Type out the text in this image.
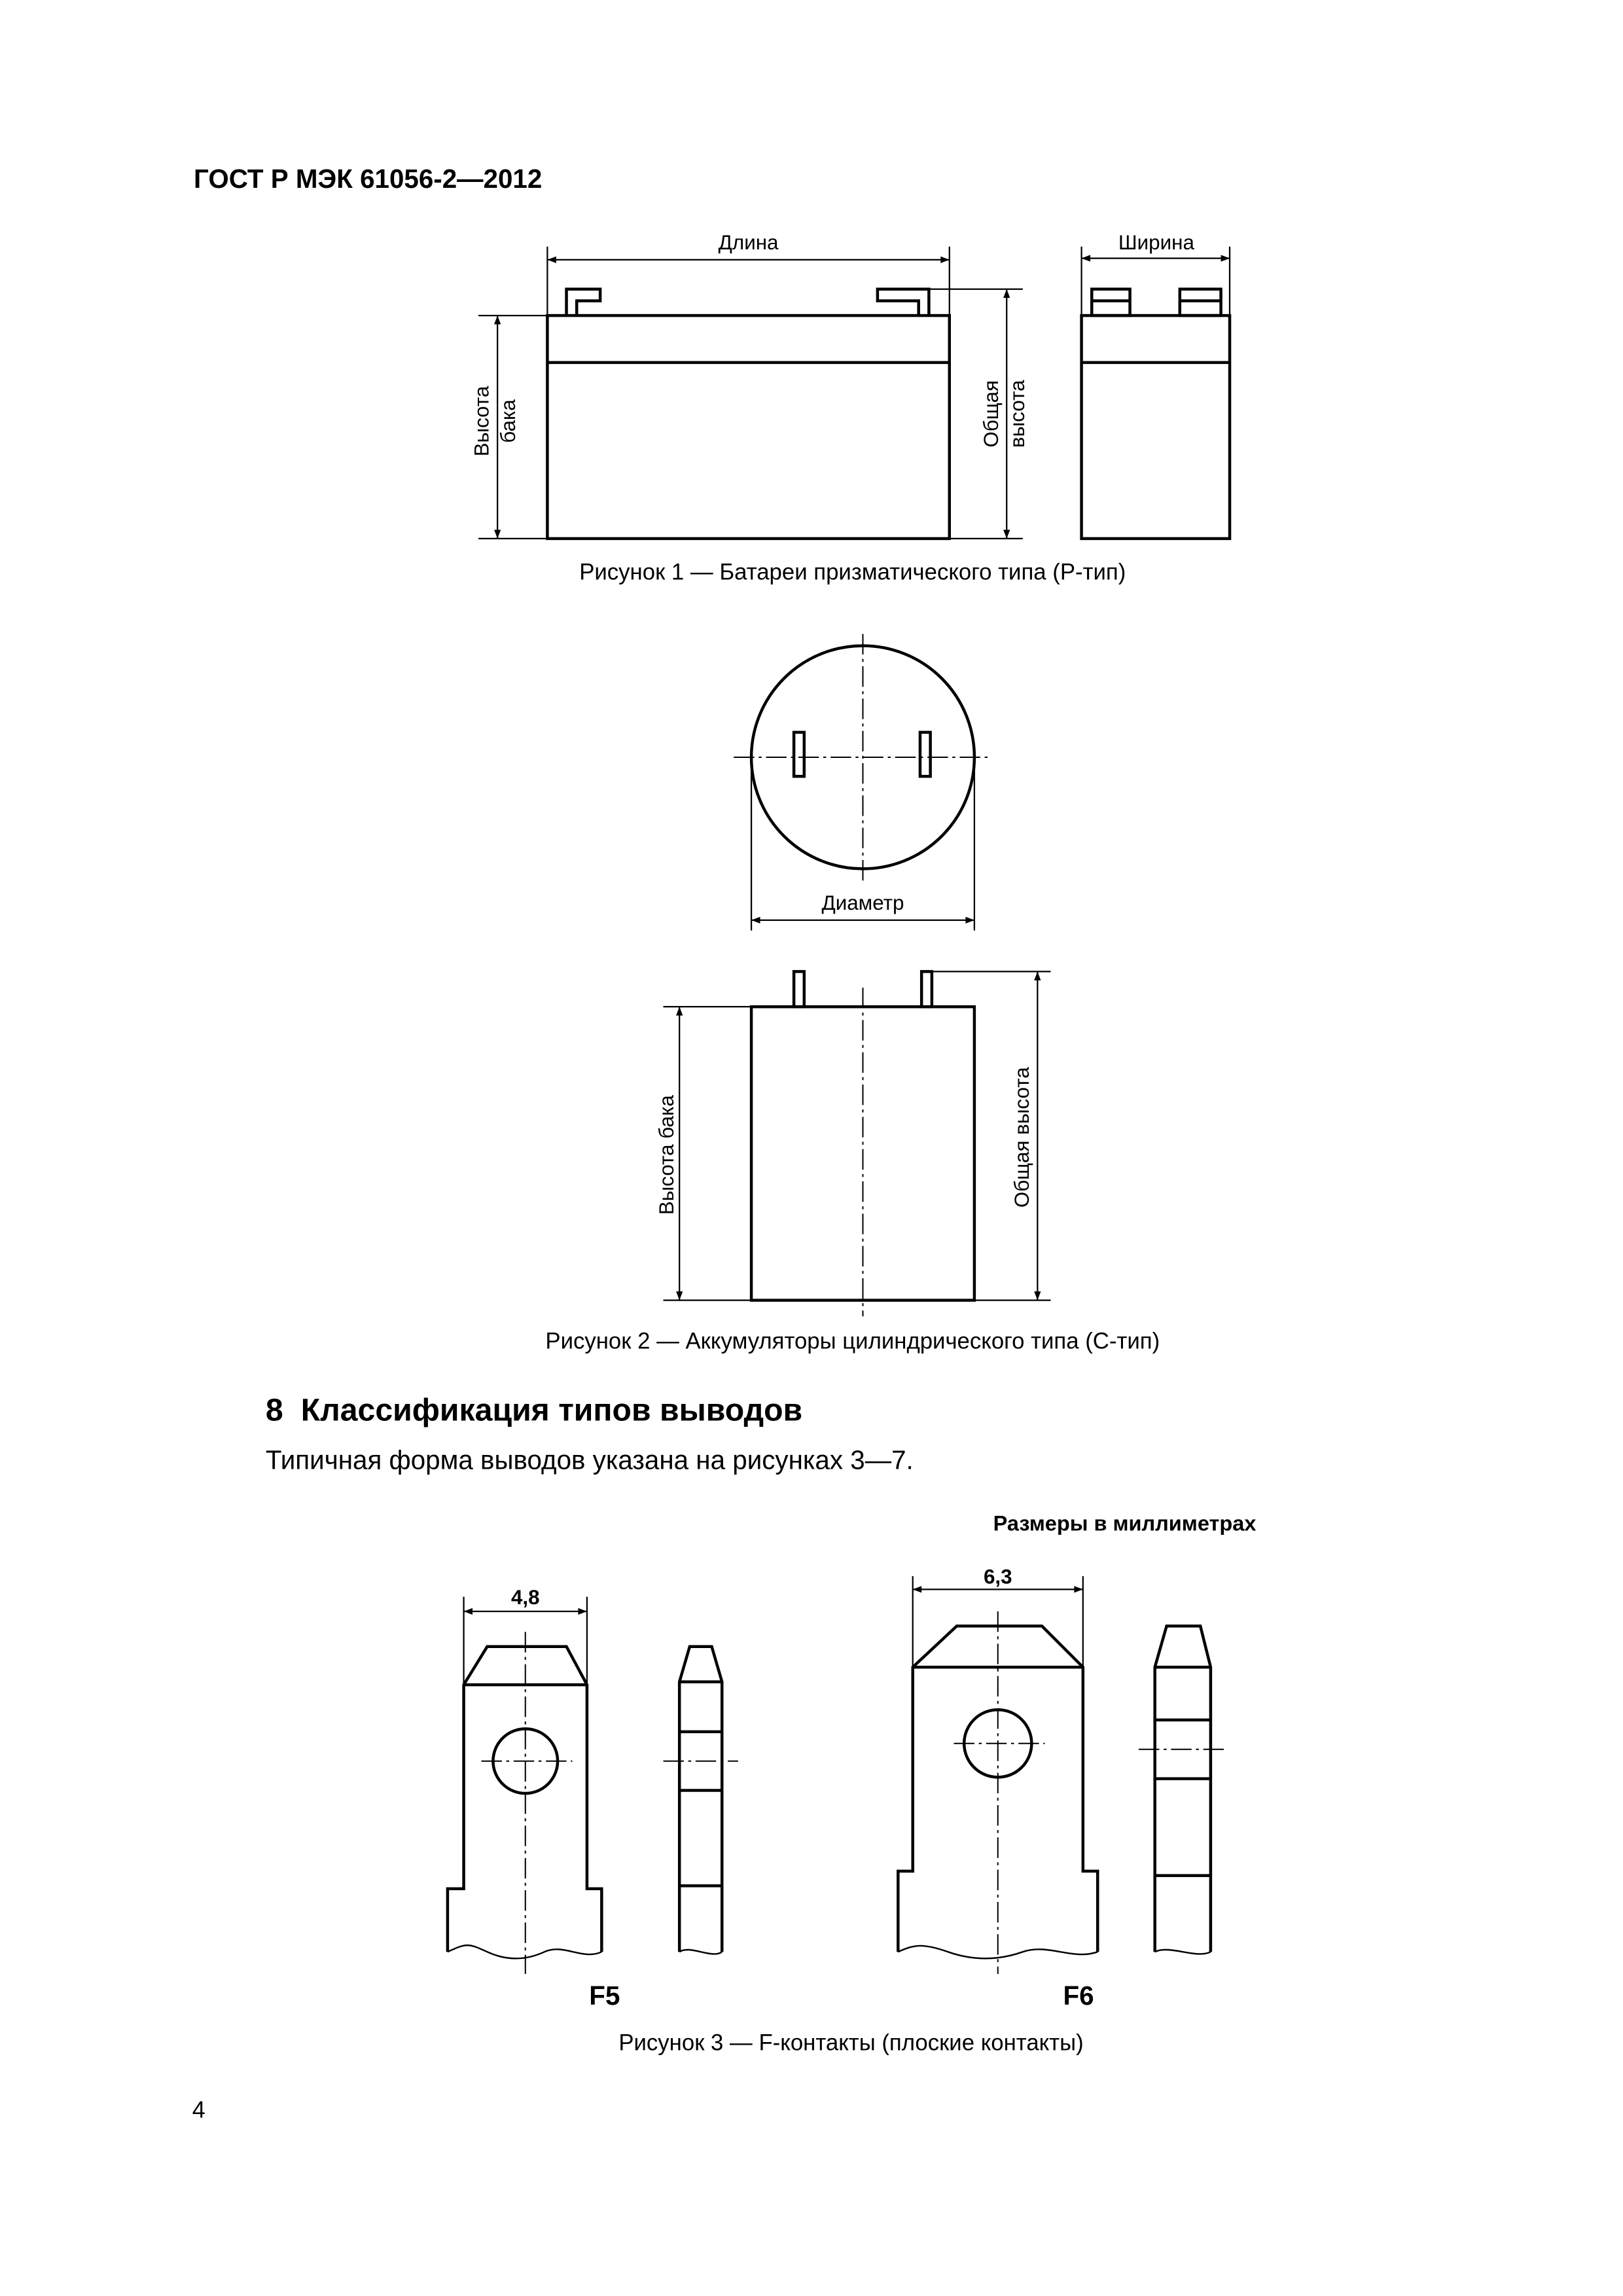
ГОСТ Р МЭК 61056-2—2012
Длина
Высота бака	Общая высота
Ширина
Рисунок 1 — Батареи призматического типа (Р-тип)
Диаметр
Высота бака	Общая высота
Рисунок 2 — Аккумуляторы цилиндрического типа (С-тип)
8 Классификация типов выводов
Типичная форма выводов указана на рисунках 3—7.
Размеры в миллиметрах
4,8
6,3
F5	F6
Рисунок 3 — F-контакты (плоские контакты)
4
